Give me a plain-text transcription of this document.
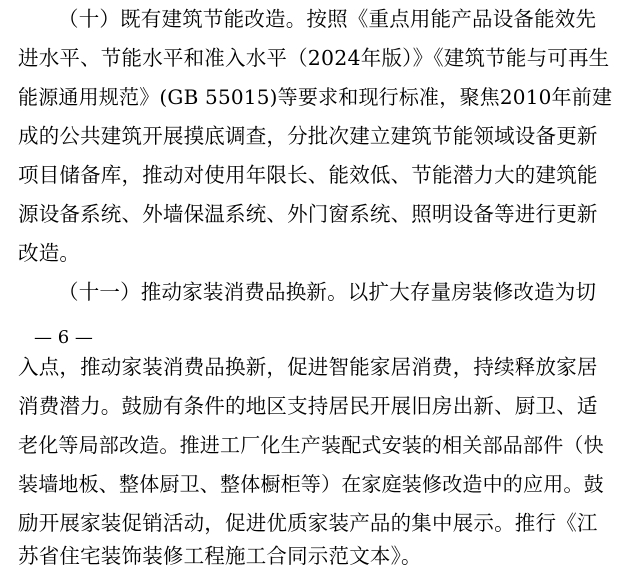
（十）既有建筑节能改造。按照《重点用能产品设备能效先
进水平、节能水平和准入水平（2024年版）》《建筑节能与可再生
能源通用规范》(GB 55015)等要求和现行标准，聚焦2010年前建
成的公共建筑开展摸底调查，分批次建立建筑节能领域设备更新
项目储备库，推动对使用年限长、能效低、节能潜力大的建筑能
源设备系统、外墙保温系统、外门窗系统、照明设备等进行更新
改造。
（十一）推动家装消费品换新。以扩大存量房装修改造为切
— 6 —
入点，推动家装消费品换新，促进智能家居消费，持续释放家居
消费潜力。鼓励有条件的地区支持居民开展旧房出新、厨卫、适
老化等局部改造。推进工厂化生产装配式安装的相关部品部件（快
装墙地板、整体厨卫、整体橱柜等）在家庭装修改造中的应用。鼓
励开展家装促销活动，促进优质家装产品的集中展示。推行《江
苏省住宅装饰装修工程施工合同示范文本》。
